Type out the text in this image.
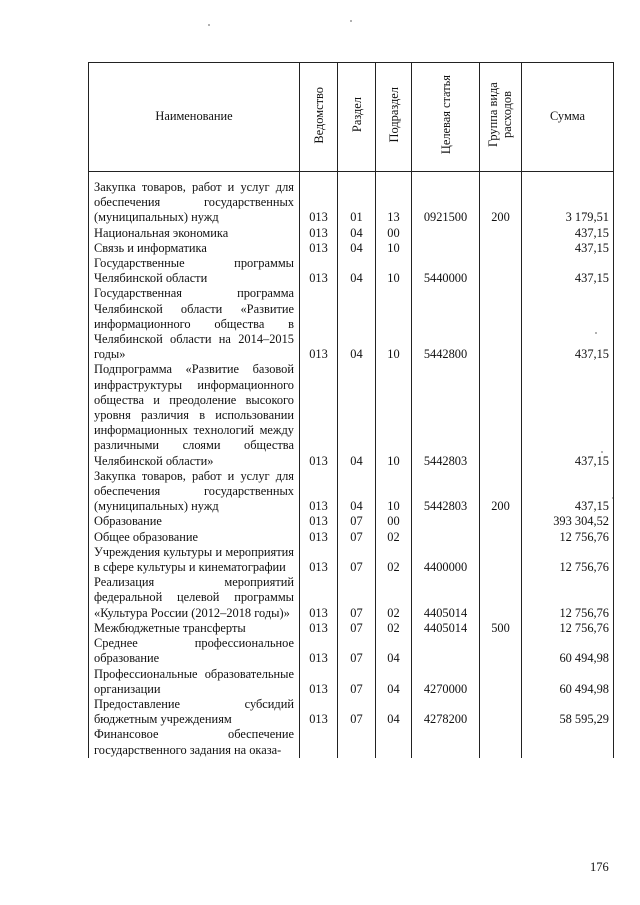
Наименование	Ведомство	Раздел	Подраздел	Целевая статья	Группа вида расходов	Сумма
Закупка товаров, работ и услуг для обеспечения государственных (муниципальных) нужд	013	01	13	0921500	200	3 179,51
Национальная экономика	013	04	00			437,15
Связь и информатика	013	04	10			437,15
Государственные программы Челябинской области	013	04	10	5440000		437,15
Государственная программа Челябинской области «Развитие информационного общества в Челябинской области на 2014–2015 годы»	013	04	10	5442800		437,15
Подпрограмма «Развитие базовой инфраструктуры информационного общества и преодоление высокого уровня различия в использовании информационных технологий между различными слоями общества Челябинской области»	013	04	10	5442803		437,15
Закупка товаров, работ и услуг для обеспечения государственных (муниципальных) нужд	013	04	10	5442803	200	437,15
Образование	013	07	00			393 304,52
Общее образование	013	07	02			12 756,76
Учреждения культуры и мероприятия в сфере культуры и кинематографии	013	07	02	4400000		12 756,76
Реализация мероприятий федеральной целевой программы «Культура России (2012–2018 годы)»	013	07	02	4405014		12 756,76
Межбюджетные трансферты	013	07	02	4405014	500	12 756,76
Среднее профессиональное образование	013	07	04			60 494,98
Профессиональные образовательные организации	013	07	04	4270000		60 494,98
Предоставление субсидий бюджетным учреждениям	013	07	04	4278200		58 595,29
Финансовое обеспечение государственного задания на оказа-						
176
